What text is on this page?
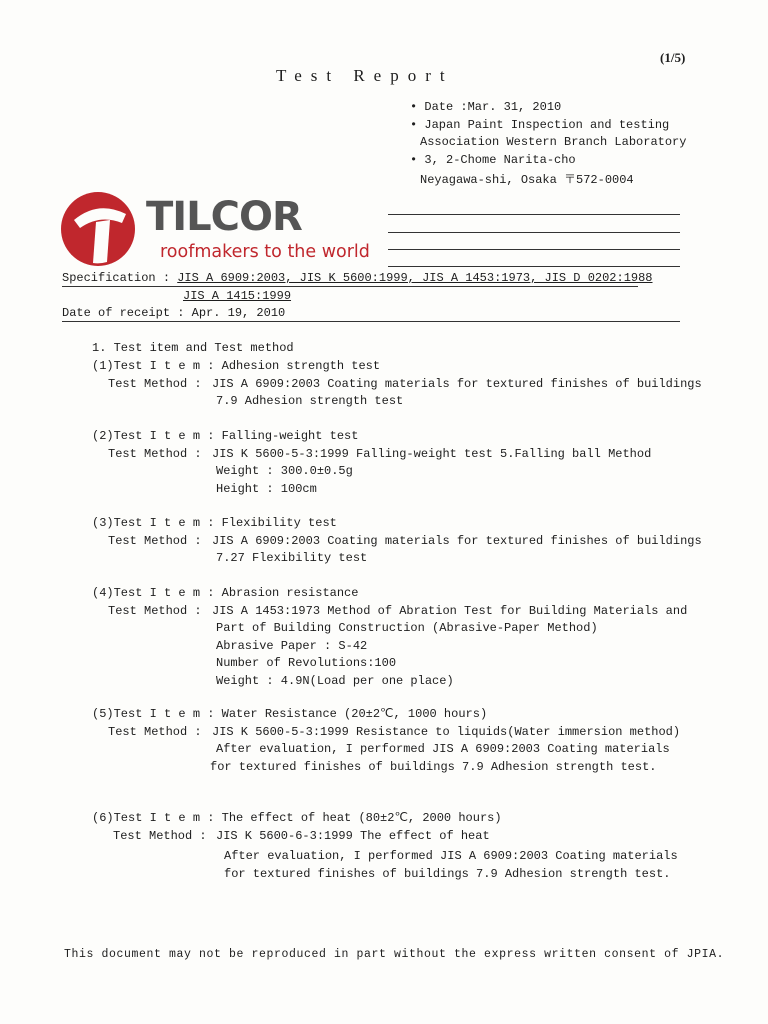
(1/5)
Test Report
• Date :Mar. 31, 2010
• Japan Paint Inspection and testing
Association Western Branch Laboratory
• 3, 2-Chome Narita-cho
Neyagawa-shi, Osaka 〒572-0004
TILCOR
roofmakers to the world
Specification : JIS A 6909:2003, JIS K 5600:1999, JIS A 1453:1973, JIS D 0202:1988
JIS A 1415:1999
Date of receipt : Apr. 19, 2010
1. Test item and Test method
(1)Test I t e m : Adhesion strength test
Test Method : JIS A 6909:2003 Coating materials for textured finishes of buildings
7.9 Adhesion strength test
(2)Test I t e m : Falling-weight test
Test Method : JIS K 5600-5-3:1999 Falling-weight test 5.Falling ball Method
Weight : 300.0±0.5g
Height : 100cm
(3)Test I t e m : Flexibility test
Test Method : JIS A 6909:2003 Coating materials for textured finishes of buildings
7.27 Flexibility test
(4)Test I t e m : Abrasion resistance
Test Method : JIS A 1453:1973 Method of Abration Test for Building Materials and
Part of Building Construction (Abrasive-Paper Method)
Abrasive Paper : S-42
Number of Revolutions:100
Weight : 4.9N(Load per one place)
(5)Test I t e m : Water Resistance (20±2℃, 1000 hours)
Test Method : JIS K 5600-5-3:1999 Resistance to liquids(Water immersion method)
After evaluation, I performed JIS A 6909:2003 Coating materials
for textured finishes of buildings 7.9 Adhesion strength test.
(6)Test I t e m : The effect of heat (80±2℃, 2000 hours)
Test Method : JIS K 5600-6-3:1999 The effect of heat
After evaluation, I performed JIS A 6909:2003 Coating materials
for textured finishes of buildings 7.9 Adhesion strength test.
This document may not be reproduced in part without the express written consent of JPIA.
